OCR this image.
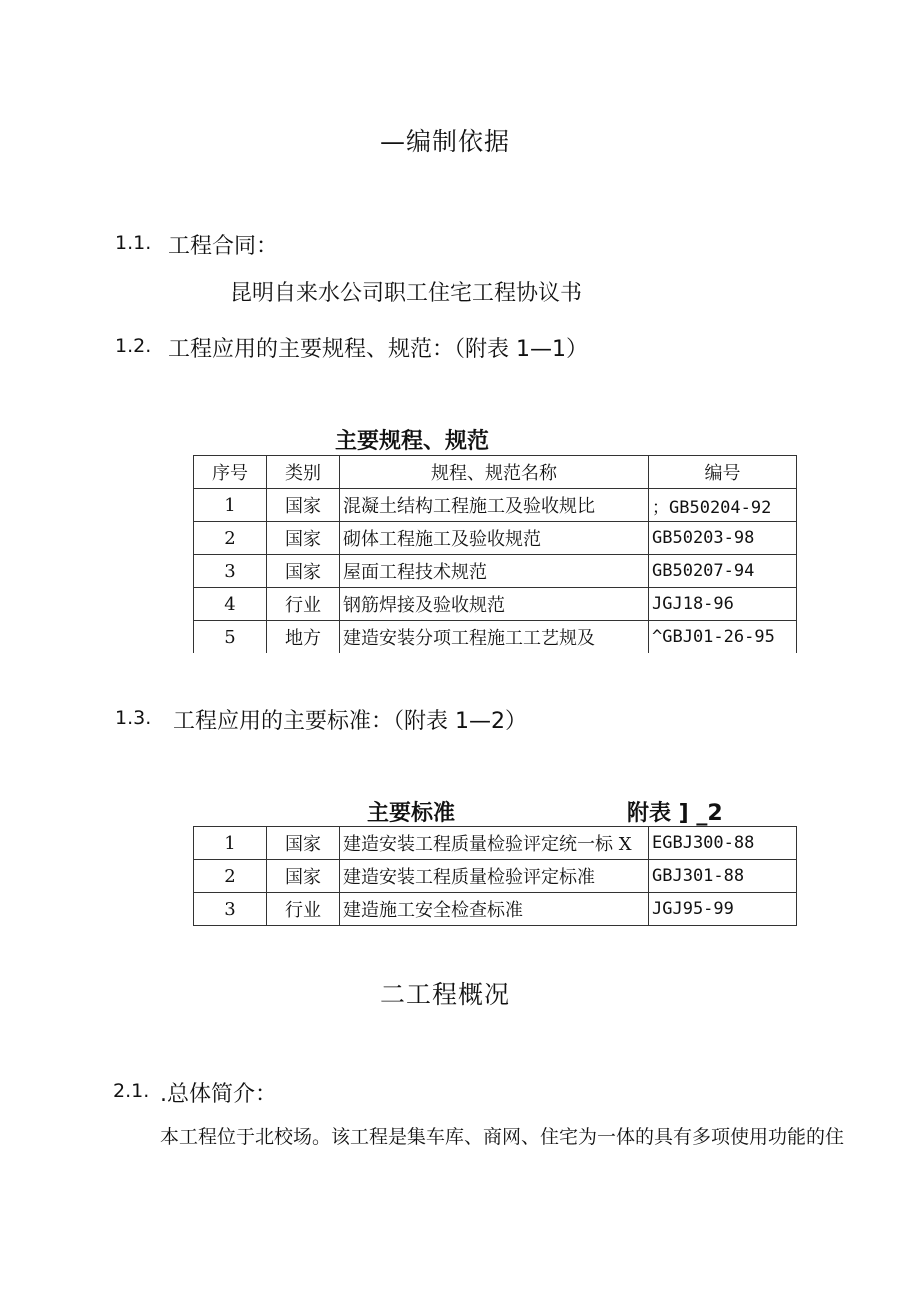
—编制依据
1.1. 工程合同：
昆明自来水公司职工住宅工程协议书
1.2. 工程应用的主要规程、规范：（附表 1—1）
主要规程、规范
序号	类别	规程、规范名称	编号
1	国家	混凝土结构工程施工及验收规比	；GB50204-92
2	国家	砌体工程施工及验收规范	GB50203-98
3	国家	屋面工程技术规范	GB50207-94
4	行业	钢筋焊接及验收规范	JGJ18-96
5	地方	建造安装分项工程施工工艺规及	^GBJ01-26-95
1.3. 工程应用的主要标准：（附表 1—2）
主要标准	附表 ] _2
1	国家	建造安装工程质量检验评定统一标 X	EGBJ300-88
2	国家	建造安装工程质量检验评定标准	GBJ301-88
3	行业	建造施工安全检查标准	JGJ95-99
二工程概况
2.1. .总体简介：
本工程位于北校场。该工程是集车库、商网、住宅为一体的具有多项使用功能的住
